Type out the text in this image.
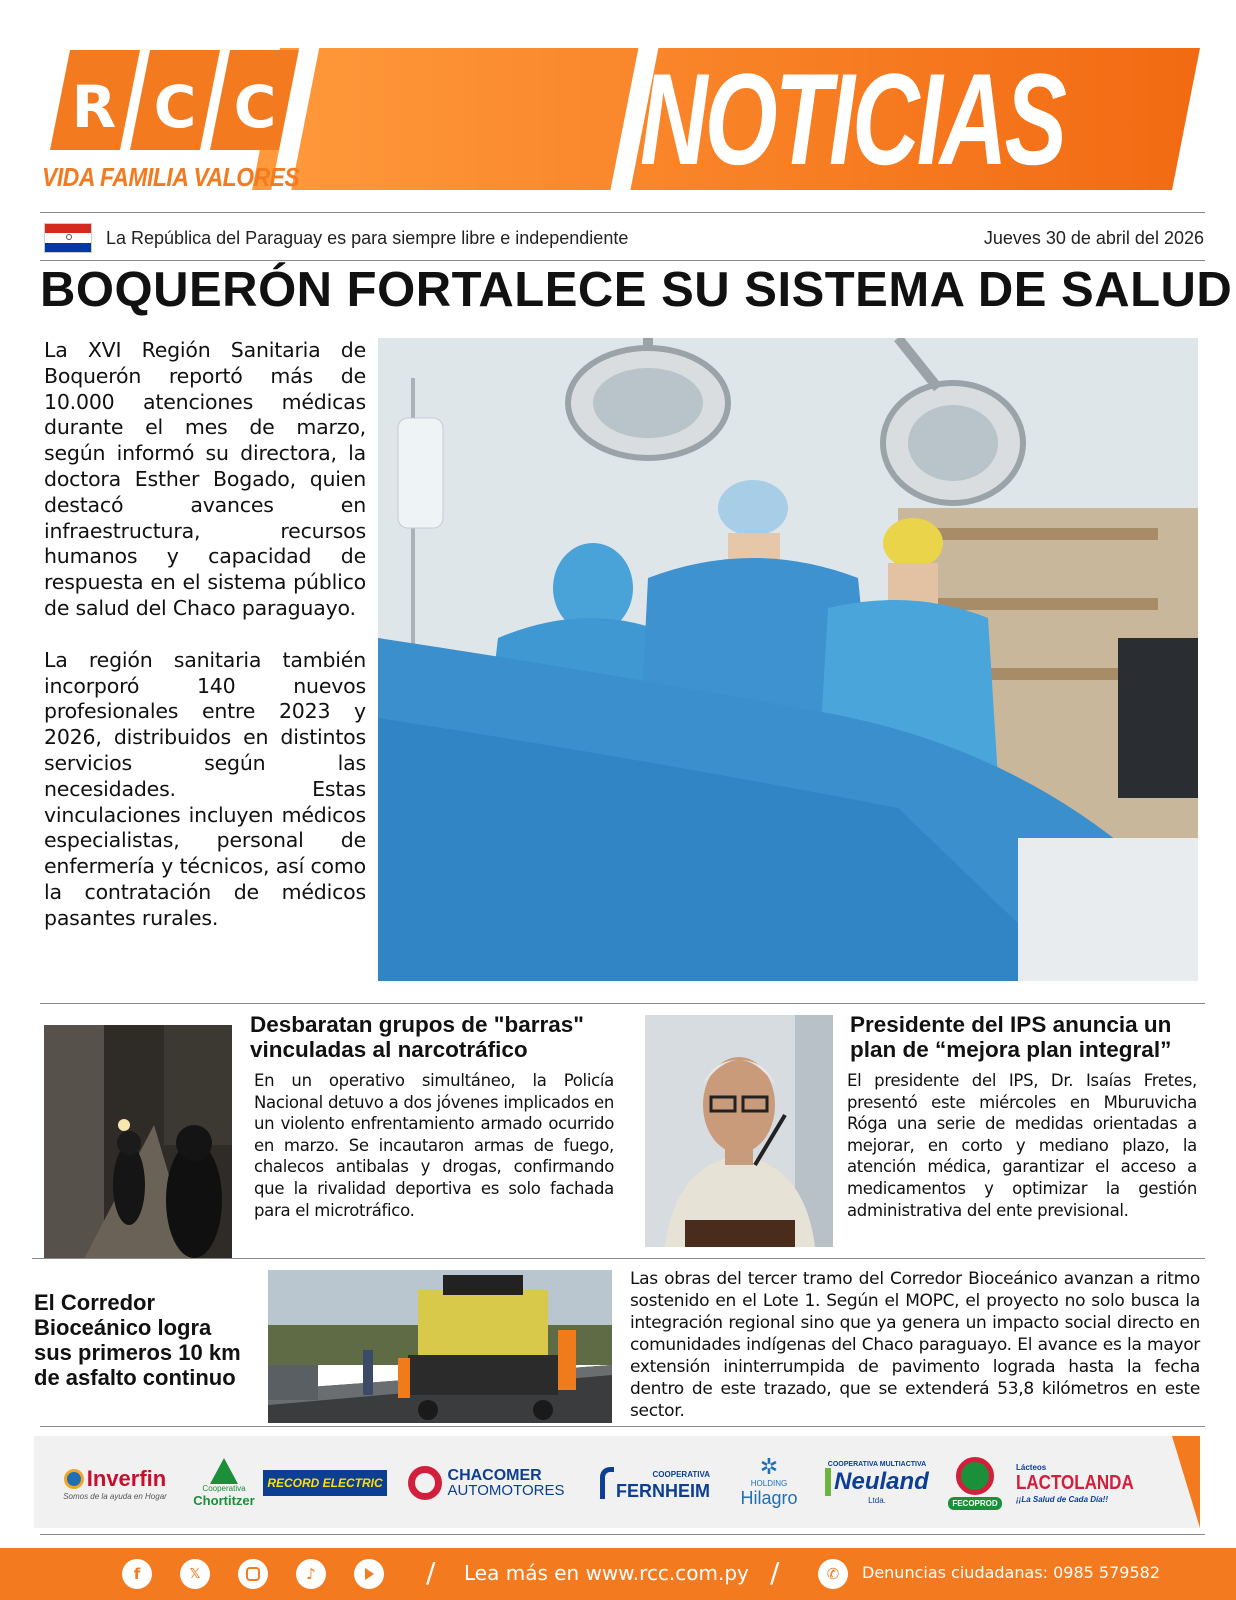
R C C
VIDA FAMILIA VALORES	NOTICIAS
La República del Paraguay es para siempre libre e independiente	Jueves 30 de abril del 2026
BOQUERÓN FORTALECE SU SISTEMA DE SALUD

La XVI Región Sanitaria de Boquerón reportó más de 10.000 atenciones médicas durante el mes de marzo, según informó su directora, la doctora Esther Bogado, quien destacó avances en infraestructura, recursos humanos y capacidad de respuesta en el sistema público de salud del Chaco paraguayo.

La región sanitaria también incorporó 140 nuevos profesionales entre 2023 y 2026, distribuidos en distintos servicios según las necesidades. Estas vinculaciones incluyen médicos especialistas, personal de enfermería y técnicos, así como la contratación de médicos pasantes rurales.

Desbaratan grupos de "barras" vinculadas al narcotráfico
En un operativo simultáneo, la Policía Nacional detuvo a dos jóvenes implicados en un violento enfrentamiento armado ocurrido en marzo. Se incautaron armas de fuego, chalecos antibalas y drogas, confirmando que la rivalidad deportiva es solo fachada para el microtráfico.
Presidente del IPS anuncia un plan de “mejora plan integral”
El presidente del IPS, Dr. Isaías Fretes, presentó este miércoles en Mburuvicha Róga una serie de medidas orientadas a mejorar, en corto y mediano plazo, la atención médica, garantizar el acceso a medicamentos y optimizar la gestión administrativa del ente previsional.
El Corredor Bioceánico logra sus primeros 10 km de asfalto continuo
Las obras del tercer tramo del Corredor Bioceánico avanzan a ritmo sostenido en el Lote 1. Según el MOPC, el proyecto no solo busca la integración regional sino que ya genera un impacto social directo en comunidades indígenas del Chaco paraguayo. El avance es la mayor extensión ininterrumpida de pavimento lograda hasta la fecha dentro de este trazado, que se extenderá 53,8 kilómetros en este sector.
Inverfin
Somos de la ayuda en Hogar
Cooperativa
Chortitzer
RECORD ELECTRIC	CHACOMER
AUTOMOTORES
COOPERATIVA
FERNHEIM
✲
HOLDING
Hilagro
COOPERATIVA MULTIACTIVA
Neuland
Ltda.	FECOPROD
Lácteos
LACTOLANDA
¡¡La Salud de Cada Día!!
f	𝕏	♪	/ Lea más en www.rcc.com.py /	✆	Denuncias ciudadanas: 0985 579582
